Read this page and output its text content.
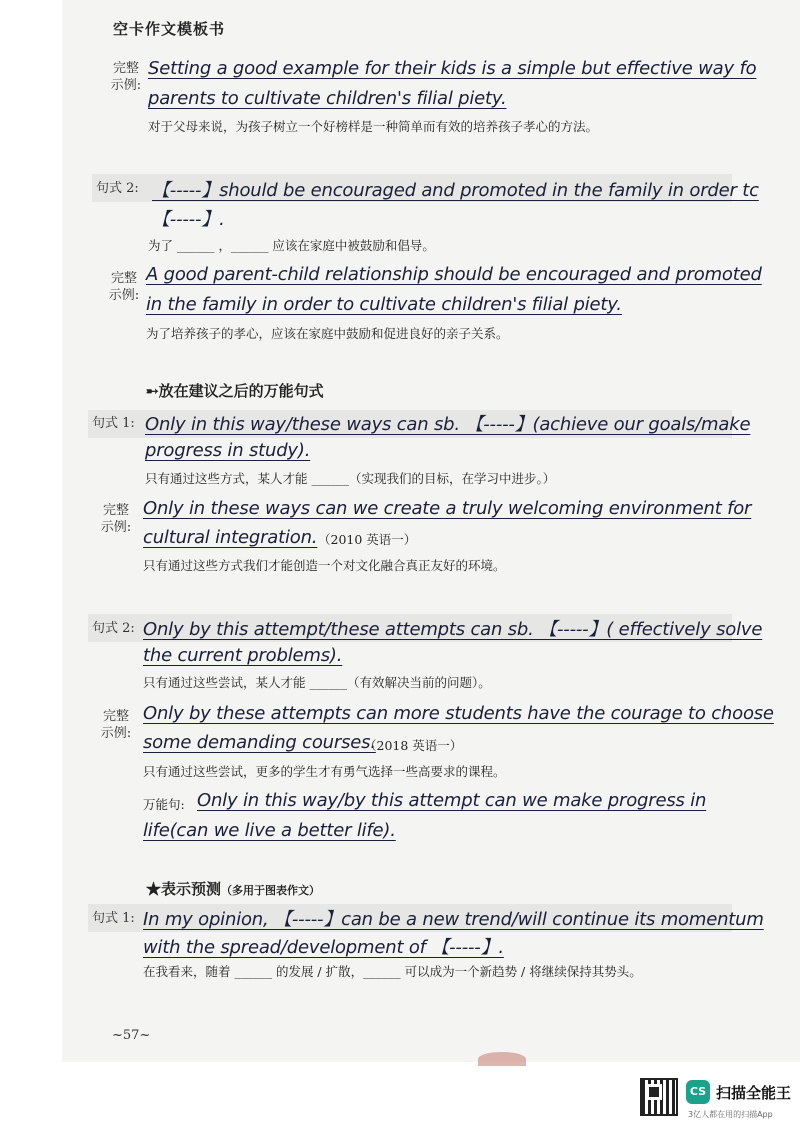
空卡作文模板书
完整
示例:
Setting a good example for their kids is a simple but effective way fo
parents to cultivate children's filial piety.
对于父母来说，为孩子树立一个好榜样是一种简单而有效的培养孩子孝心的方法。
句式 2: 【-----】should be encouraged and promoted in the family in order tc
【-----】.
为了 ______ ，______ 应该在家庭中被鼓励和倡导。
完整
示例:
A good parent-child relationship should be encouraged and promoted
in the family in order to cultivate children's filial piety.
为了培养孩子的孝心，应该在家庭中鼓励和促进良好的亲子关系。
➸放在建议之后的万能句式
句式 1: Only in this way/these ways can sb. 【-----】(achieve our goals/make
progress in study).
只有通过这些方式，某人才能 ______（实现我们的目标，在学习中进步。）
完整
示例:
Only in these ways can we create a truly welcoming environment for
cultural integration. （2010 英语一）
只有通过这些方式我们才能创造一个对文化融合真正友好的环境。
句式 2: Only by this attempt/these attempts can sb. 【-----】( effectively solve
the current problems).
只有通过这些尝试，某人才能 ______（有效解决当前的问题）。
完整
示例:
Only by these attempts can more students have the courage to choose
some demanding courses.
（2018 英语一）
只有通过这些尝试，更多的学生才有勇气选择一些高要求的课程。
万能句: Only in this way/by this attempt can we make progress in
life(can we live a better life).
★表示预测（多用于图表作文）
句式 1: In my opinion, 【-----】can be a new trend/will continue its momentum
with the spread/development of 【-----】.
在我看来，随着 ______ 的发展 / 扩散，______ 可以成为一个新趋势 / 将继续保持其势头。
~57~
CS 扫描全能王
3亿人都在用的扫描App
